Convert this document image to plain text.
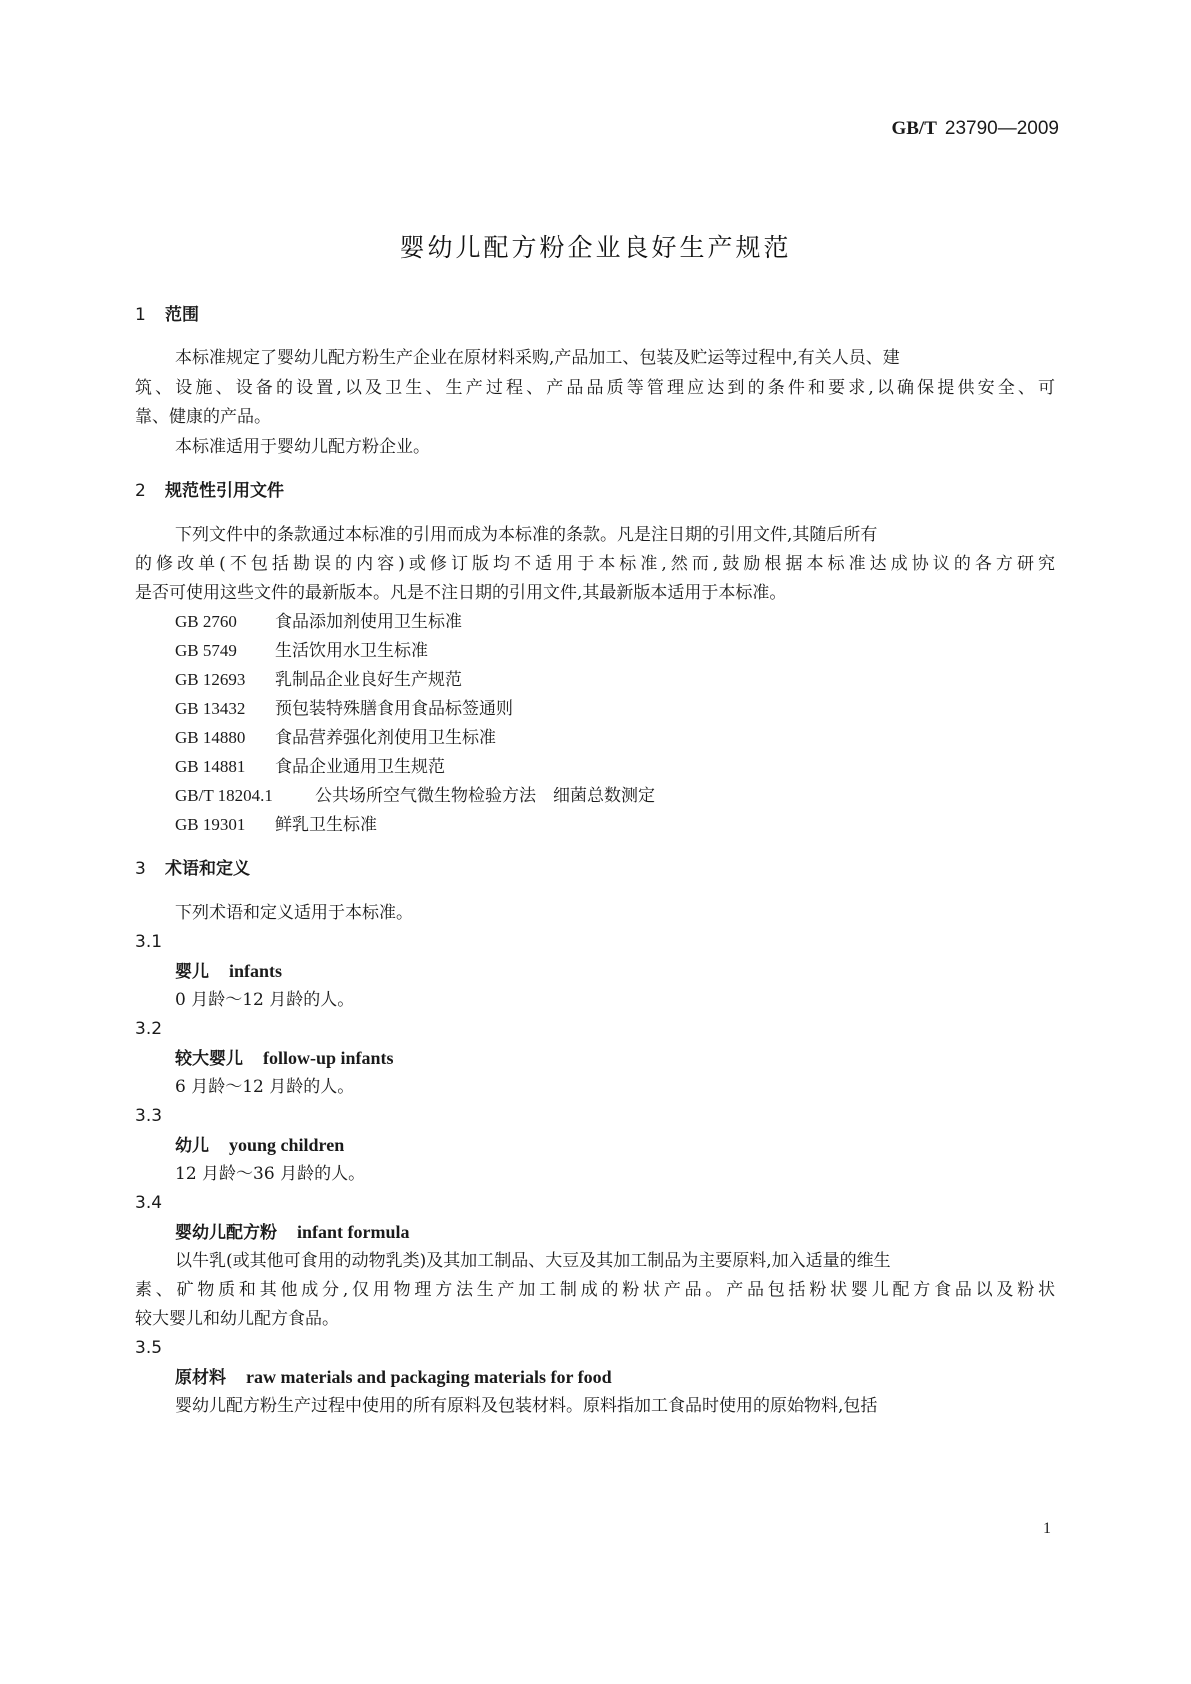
GB/T 23790—2009
婴幼儿配方粉企业良好生产规范
1 范围
本标准规定了婴幼儿配方粉生产企业在原材料采购,产品加工、包装及贮运等过程中,有关人员、建
筑、设施、设备的设置,以及卫生、生产过程、产品品质等管理应达到的条件和要求,以确保提供安全、可
靠、健康的产品。
本标准适用于婴幼儿配方粉企业。
2 规范性引用文件
下列文件中的条款通过本标准的引用而成为本标准的条款。凡是注日期的引用文件,其随后所有
的修改单(不包括勘误的内容)或修订版均不适用于本标准,然而,鼓励根据本标准达成协议的各方研究
是否可使用这些文件的最新版本。凡是不注日期的引用文件,其最新版本适用于本标准。
GB 2760 食品添加剂使用卫生标准
GB 5749 生活饮用水卫生标准
GB 12693 乳制品企业良好生产规范
GB 13432 预包装特殊膳食用食品标签通则
GB 14880 食品营养强化剂使用卫生标准
GB 14881 食品企业通用卫生规范
GB/T 18204.1 公共场所空气微生物检验方法　细菌总数测定
GB 19301 鲜乳卫生标准
3 术语和定义
下列术语和定义适用于本标准。
3.1
婴儿 infants
0 月龄～12 月龄的人。
3.2
较大婴儿 follow-up infants
6 月龄～12 月龄的人。
3.3
幼儿 young children
12 月龄～36 月龄的人。
3.4
婴幼儿配方粉 infant formula
以牛乳(或其他可食用的动物乳类)及其加工制品、大豆及其加工制品为主要原料,加入适量的维生
素、矿物质和其他成分,仅用物理方法生产加工制成的粉状产品。产品包括粉状婴儿配方食品以及粉状
较大婴儿和幼儿配方食品。
3.5
原材料 raw materials and packaging materials for food
婴幼儿配方粉生产过程中使用的所有原料及包装材料。原料指加工食品时使用的原始物料,包括
1
